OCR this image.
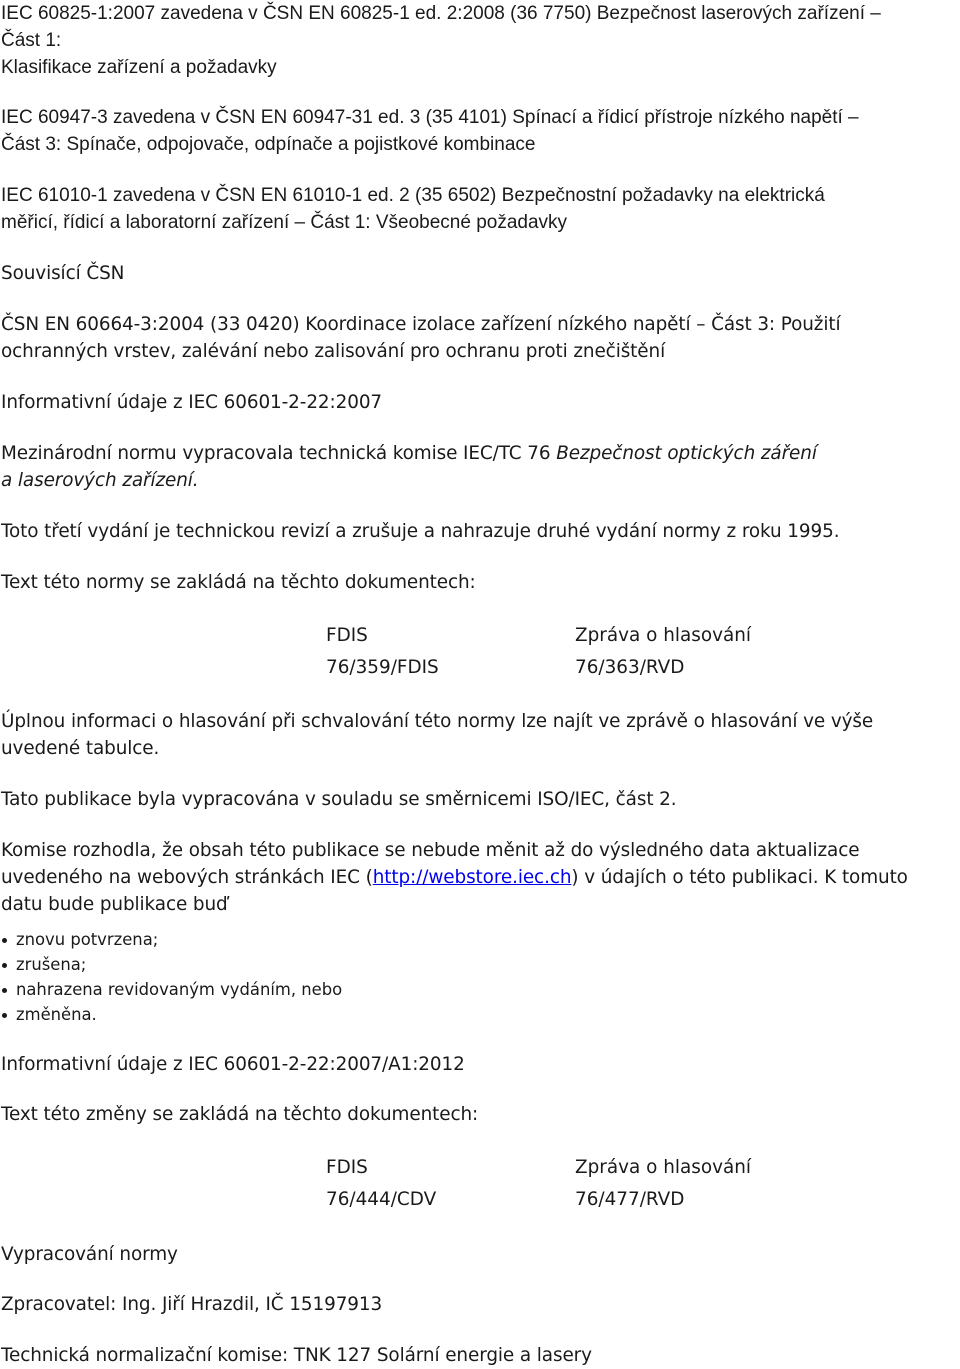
IEC 60825-1:2007 zavedena v ČSN EN 60825-1 ed. 2:2008 (36 7750) Bezpečnost laserových zařízení –
Část 1:
Klasifikace zařízení a požadavky
IEC 60947-3 zavedena v ČSN EN 60947-31 ed. 3 (35 4101) Spínací a řídicí přístroje nízkého napětí –
Část 3: Spínače, odpojovače, odpínače a pojistkové kombinace
IEC 61010-1 zavedena v ČSN EN 61010-1 ed. 2 (35 6502) Bezpečnostní požadavky na elektrická
měřicí, řídicí a laboratorní zařízení – Část 1: Všeobecné požadavky
Souvisící ČSN
ČSN EN 60664-3:2004 (33 0420) Koordinace izolace zařízení nízkého napětí – Část 3: Použití
ochranných vrstev, zalévání nebo zalisování pro ochranu proti znečištění
Informativní údaje z IEC 60601-2-22:2007
Mezinárodní normu vypracovala technická komise IEC/TC 76 Bezpečnost optických záření
a laserových zařízení.
Toto třetí vydání je technickou revizí a zrušuje a nahrazuje druhé vydání normy z roku 1995.
Text této normy se zakládá na těchto dokumentech:
FDIS	Zpráva o hlasování
76/359/FDIS	76/363/RVD
Úplnou informaci o hlasování při schvalování této normy lze najít ve zprávě o hlasování ve výše
uvedené tabulce.
Tato publikace byla vypracována v souladu se směrnicemi ISO/IEC, část 2.
Komise rozhodla, že obsah této publikace se nebude měnit až do výsledného data aktualizace
uvedeného na webových stránkách IEC (http://webstore.iec.ch) v údajích o této publikaci. K tomuto
datu bude publikace buď
znovu potvrzena;
zrušena;
nahrazena revidovaným vydáním, nebo
změněna.
Informativní údaje z IEC 60601-2-22:2007/A1:2012
Text této změny se zakládá na těchto dokumentech:
FDIS	Zpráva o hlasování
76/444/CDV	76/477/RVD
Vypracování normy
Zpracovatel: Ing. Jiří Hrazdil, IČ 15197913
Technická normalizační komise: TNK 127 Solární energie a lasery
